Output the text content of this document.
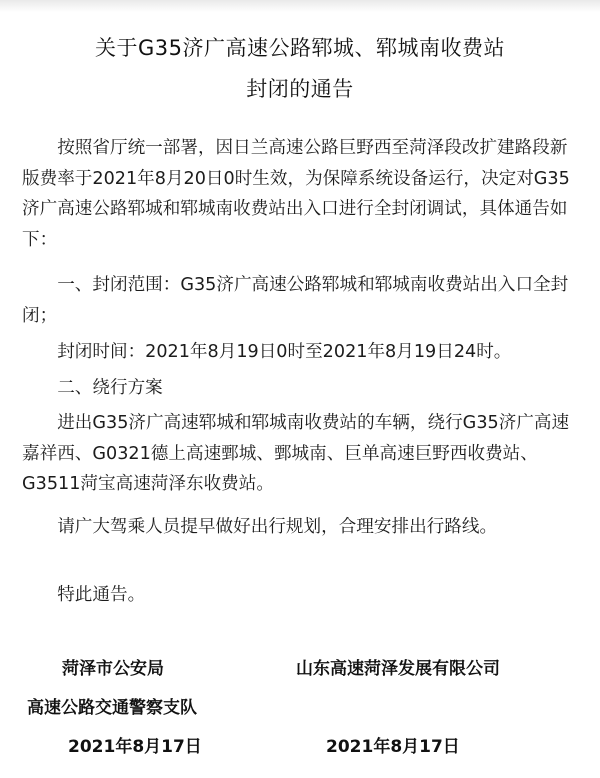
关于G35济广高速公路郓城、郓城南收费站
封闭的通告

按照省厅统一部署，因日兰高速公路巨野西至菏泽段改扩建路段新版费率于2021年8月20日0时生效，为保障系统设备运行，决定对G35济广高速公路郓城和郓城南收费站出入口进行全封闭调试，具体通告如下：

一、封闭范围：G35济广高速公路郓城和郓城南收费站出入口全封闭；

封闭时间：2021年8月19日0时至2021年8月19日24时。

二、绕行方案

进出G35济广高速郓城和郓城南收费站的车辆，绕行G35济广高速嘉祥西、G0321德上高速鄄城、鄄城南、巨单高速巨野西收费站、G3511菏宝高速菏泽东收费站。

请广大驾乘人员提早做好出行规划，合理安排出行路线。

特此通告。

菏泽市公安局
高速公路交通警察支队
2021年8月17日
山东高速菏泽发展有限公司
2021年8月17日
